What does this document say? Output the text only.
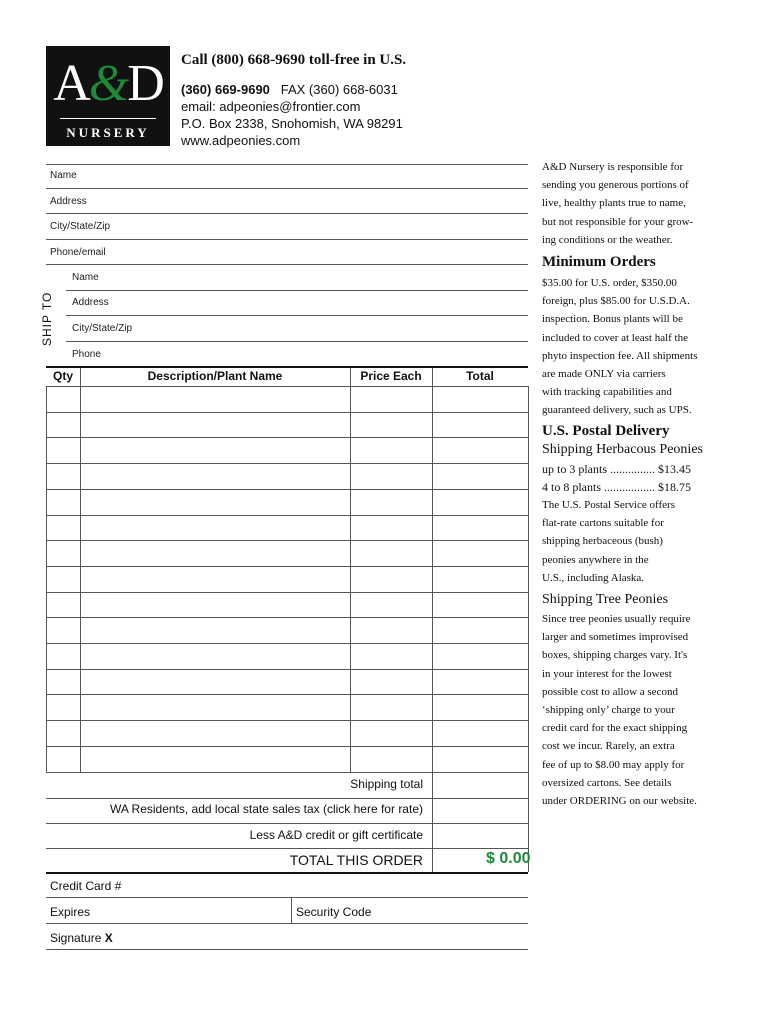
A&D
NURSERY
Call (800) 668-9690 toll-free in U.S.
(360) 669-9690 FAX (360) 668-6031
email: adpeonies@frontier.com
P.O. Box 2338, Snohomish, WA 98291
www.adpeonies.com
Name
Address
City/State/Zip
Phone/email
SHIP TO
Name
Address
City/State/Zip
Phone
Qty	Description/Plant Name	Price Each	Total
Shipping total
WA Residents, add local state sales tax (click here for rate)
Less A&D credit or gift certificate
TOTAL THIS ORDER	$ 0.00
Credit Card #
Expires	Security Code
Signature X
A&D Nursery is responsible for
sending you generous portions of
live, healthy plants true to name,
but not responsible for your grow-
ing conditions or the weather.
Minimum Orders
$35.00 for U.S. order, $350.00
foreign, plus $85.00 for U.S.D.A.
inspection. Bonus plants will be
included to cover at least half the
phyto inspection fee. All shipments
are made ONLY via carriers
with tracking capabilities and
guaranteed delivery, such as UPS.
U.S. Postal Delivery
Shipping Herbacous Peonies
up to 3 plants ............... $13.45
4 to 8 plants ................. $18.75
The U.S. Postal Service offers
flat-rate cartons suitable for
shipping herbaceous (bush)
peonies anywhere in the
U.S., including Alaska.
Shipping Tree Peonies
Since tree peonies usually require
larger and sometimes improvised
boxes, shipping charges vary. It's
in your interest for the lowest
possible cost to allow a second
‘shipping only’ charge to your
credit card for the exact shipping
cost we incur. Rarely, an extra
fee of up to $8.00 may apply for
oversized cartons. See details
under ORDERING on our website.
